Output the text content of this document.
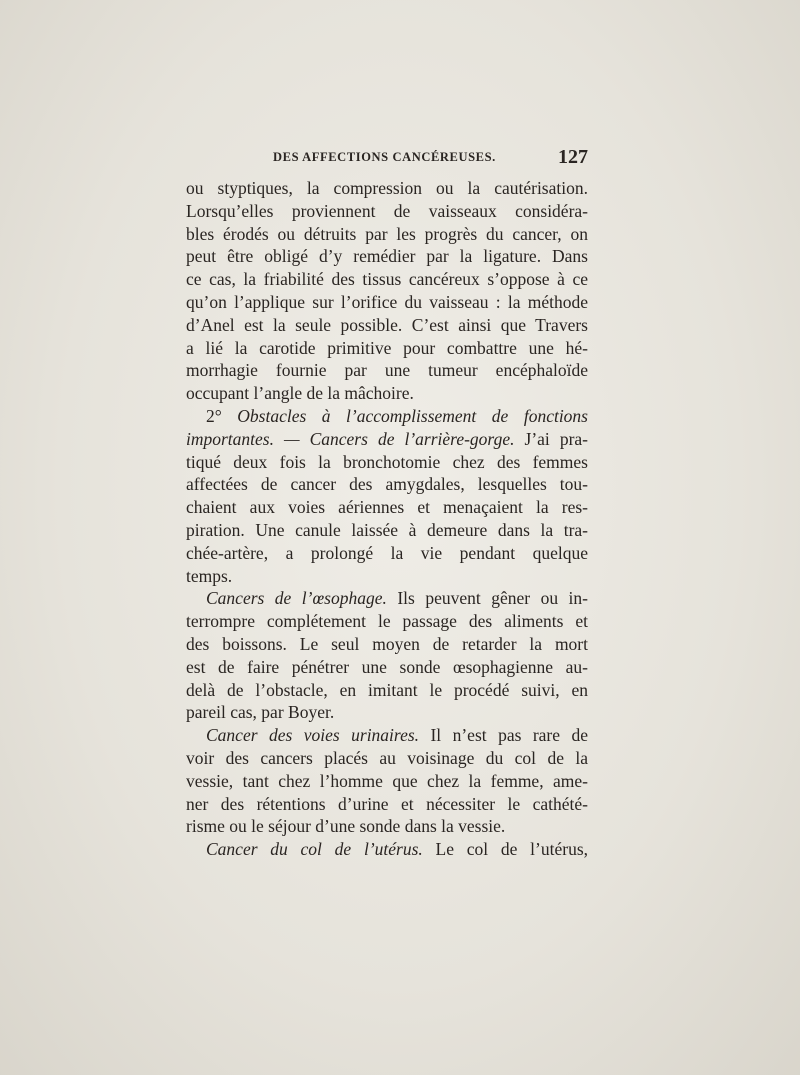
DES AFFECTIONS CANCÉREUSES.	127
ou styptiques, la compression ou la cautérisation.
Lorsqu’elles proviennent de vaisseaux considéra-
bles érodés ou détruits par les progrès du cancer, on
peut être obligé d’y remédier par la ligature. Dans
ce cas, la friabilité des tissus cancéreux s’oppose à ce
qu’on l’applique sur l’orifice du vaisseau : la méthode
d’Anel est la seule possible. C’est ainsi que Travers
a lié la carotide primitive pour combattre une hé-
morrhagie fournie par une tumeur encéphaloïde
occupant l’angle de la mâchoire.
2° Obstacles à l’accomplissement de fonctions
importantes. — Cancers de l’arrière-gorge. J’ai pra-
tiqué deux fois la bronchotomie chez des femmes
affectées de cancer des amygdales, lesquelles tou-
chaient aux voies aériennes et menaçaient la res-
piration. Une canule laissée à demeure dans la tra-
chée-artère, a prolongé la vie pendant quelque
temps.
Cancers de l’œsophage. Ils peuvent gêner ou in-
terrompre complétement le passage des aliments et
des boissons. Le seul moyen de retarder la mort
est de faire pénétrer une sonde œsophagienne au-
delà de l’obstacle, en imitant le procédé suivi, en
pareil cas, par Boyer.
Cancer des voies urinaires. Il n’est pas rare de
voir des cancers placés au voisinage du col de la
vessie, tant chez l’homme que chez la femme, ame-
ner des rétentions d’urine et nécessiter le cathété-
risme ou le séjour d’une sonde dans la vessie.
Cancer du col de l’utérus. Le col de l’utérus,
